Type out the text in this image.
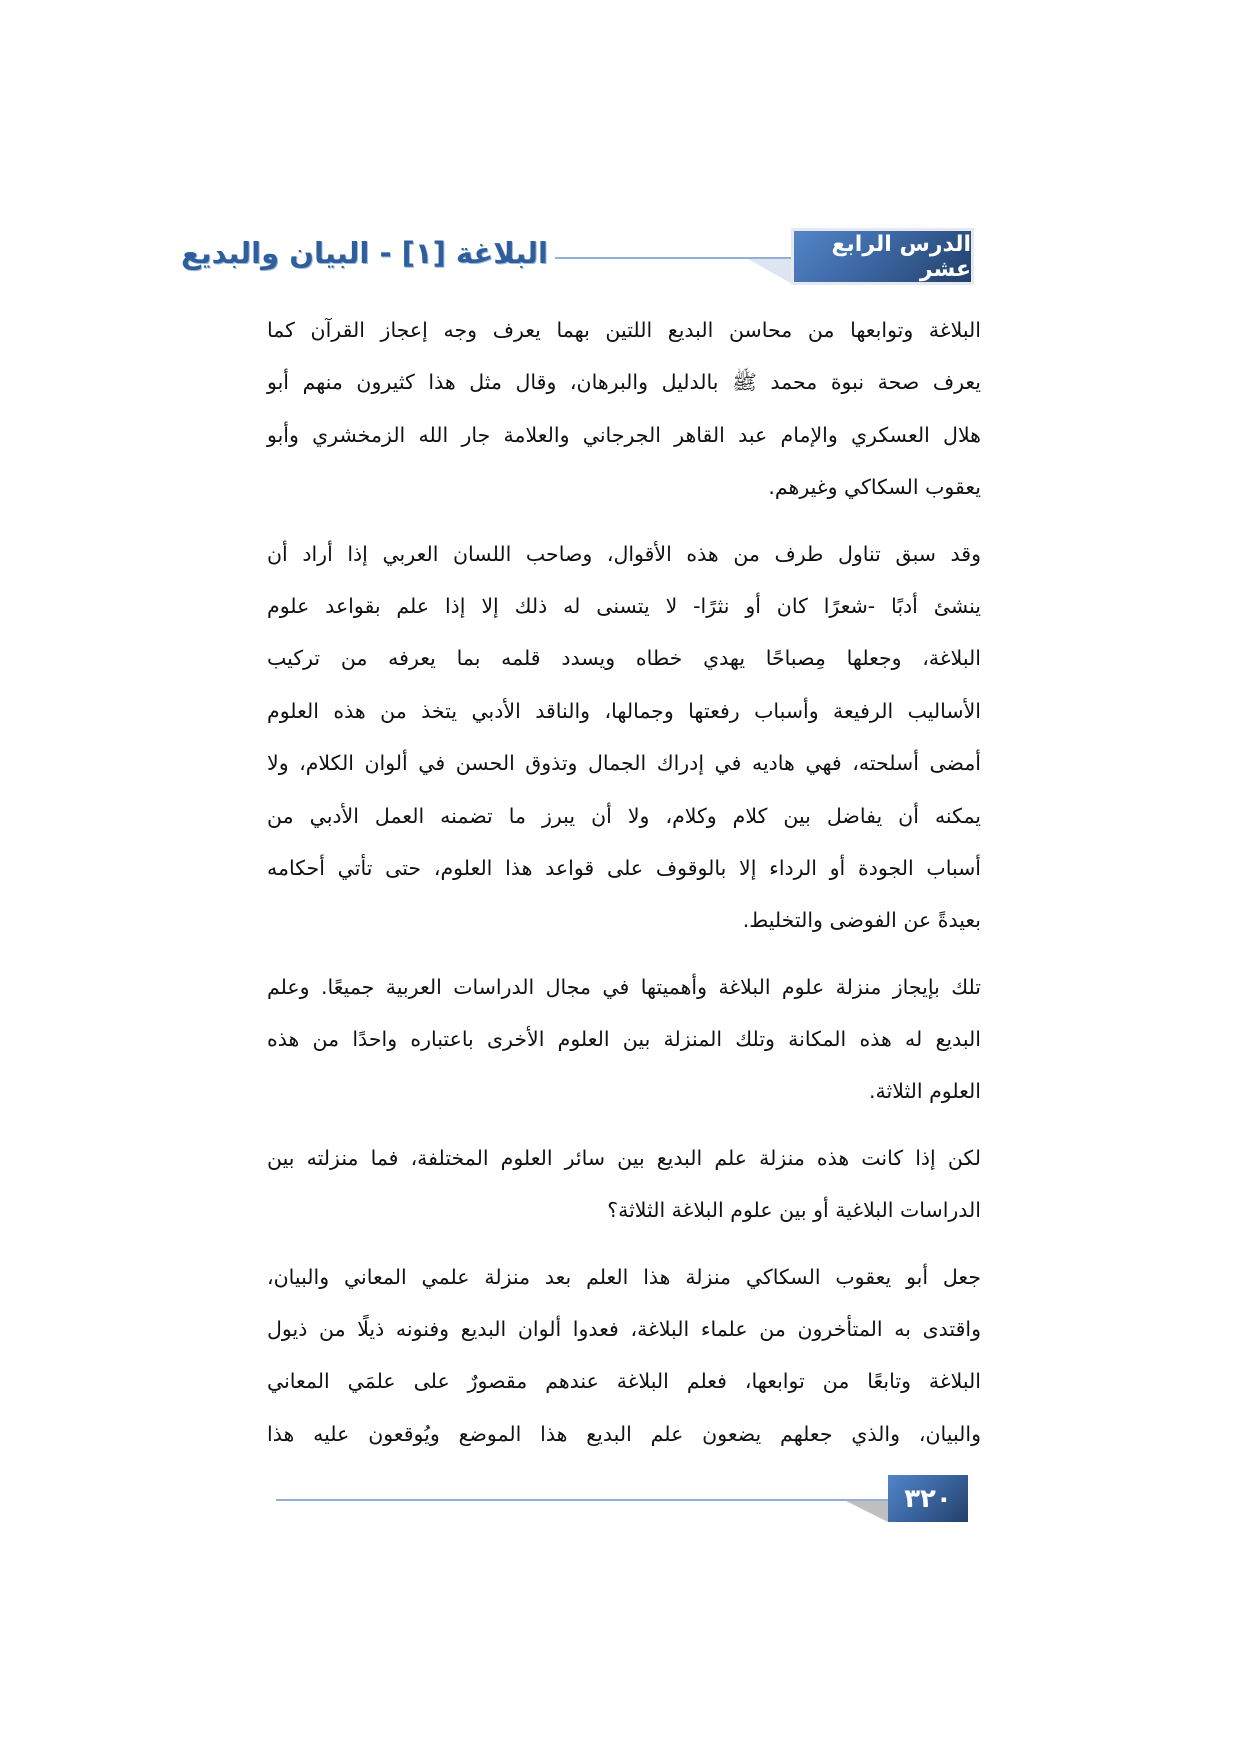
البلاغة [١] - البيان والبديع	الدرس الرابع عشر
البلاغة وتوابعها من محاسن البديع اللتين بهما يعرف وجه إعجاز القرآن كما
يعرف صحة نبوة محمد ﷺ بالدليل والبرهان، وقال مثل هذا كثيرون منهم أبو
هلال العسكري والإمام عبد القاهر الجرجاني والعلامة جار الله الزمخشري وأبو
يعقوب السكاكي وغيرهم.
وقد سبق تناول طرف من هذه الأقوال، وصاحب اللسان العربي إذا أراد أن
ينشئ أدبًا -شعرًا كان أو نثرًا- لا يتسنى له ذلك إلا إذا علم بقواعد علوم
البلاغة، وجعلها مِصباحًا يهدي خطاه ويسدد قلمه بما يعرفه من تركيب
الأساليب الرفيعة وأسباب رفعتها وجمالها، والناقد الأدبي يتخذ من هذه العلوم
أمضى أسلحته، فهي هاديه في إدراك الجمال وتذوق الحسن في ألوان الكلام، ولا
يمكنه أن يفاضل بين كلام وكلام، ولا أن يبرز ما تضمنه العمل الأدبي من
أسباب الجودة أو الرداء إلا بالوقوف على قواعد هذا العلوم، حتى تأتي أحكامه
بعيدةً عن الفوضى والتخليط.
تلك بإيجاز منزلة علوم البلاغة وأهميتها في مجال الدراسات العربية جميعًا. وعلم
البديع له هذه المكانة وتلك المنزلة بين العلوم الأخرى باعتباره واحدًا من هذه
العلوم الثلاثة.
لكن إذا كانت هذه منزلة علم البديع بين سائر العلوم المختلفة، فما منزلته بين
الدراسات البلاغية أو بين علوم البلاغة الثلاثة؟
جعل أبو يعقوب السكاكي منزلة هذا العلم بعد منزلة علمي المعاني والبيان،
واقتدى به المتأخرون من علماء البلاغة، فعدوا ألوان البديع وفنونه ذيلًا من ذيول
البلاغة وتابعًا من توابعها، فعلم البلاغة عندهم مقصورٌ على علمَي المعاني
والبيان، والذي جعلهم يضعون علم البديع هذا الموضع ويُوقعون عليه هذا
٣٢٠
